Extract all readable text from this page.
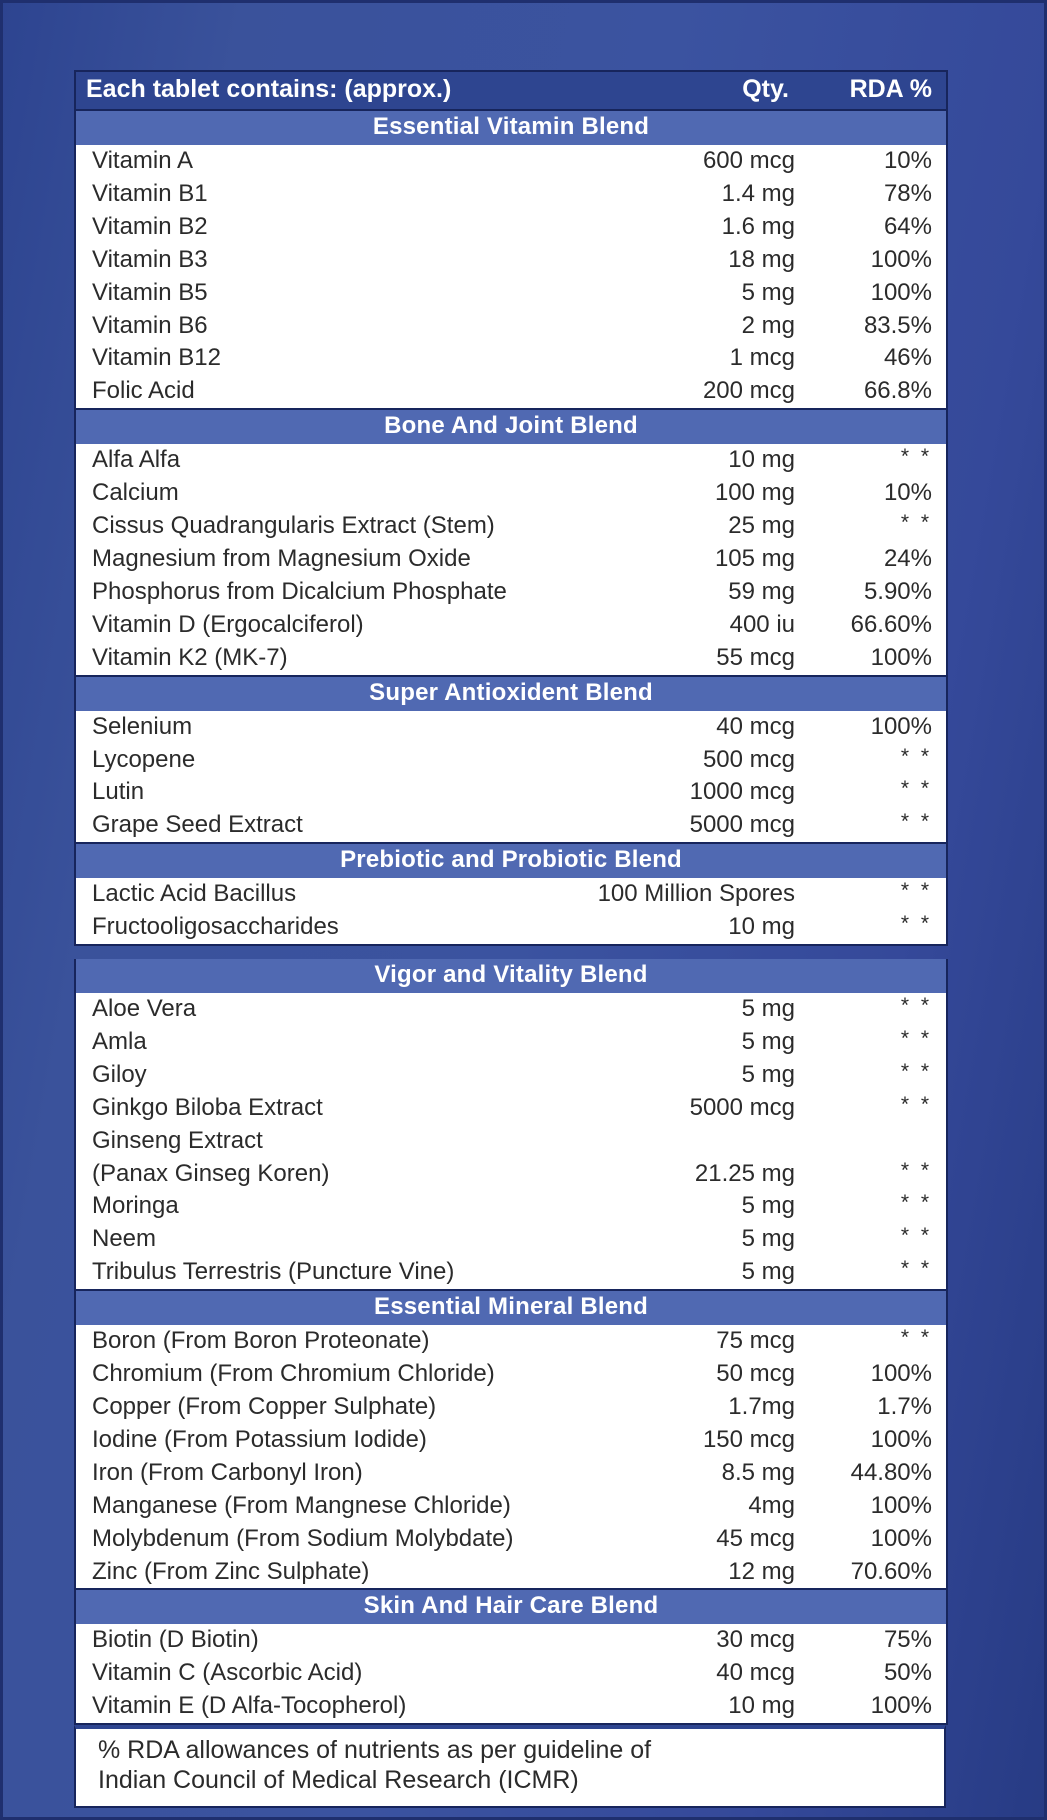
Each tablet contains: (approx.)	Qty.	RDA %
Essential Vitamin Blend		
Vitamin A	600 mcg	10%
Vitamin B1	1.4 mg	78%
Vitamin B2	1.6 mg	64%
Vitamin B3	18 mg	100%
Vitamin B5	5 mg	100%
Vitamin B6	2 mg	83.5%
Vitamin B12	1 mcg	46%
Folic Acid	200 mcg	66.8%
Bone And Joint Blend		
Alfa Alfa	10 mg	* *
Calcium	100 mg	10%
Cissus Quadrangularis Extract (Stem)	25 mg	* *
Magnesium from Magnesium Oxide	105 mg	24%
Phosphorus from Dicalcium Phosphate	59 mg	5.90%
Vitamin D (Ergocalciferol)	400 iu	66.60%
Vitamin K2 (MK-7)	55 mcg	100%
Super Antioxident Blend		
Selenium	40 mcg	100%
Lycopene	500 mcg	* *
Lutin	1000 mcg	* *
Grape Seed Extract	5000 mcg	* *
Prebiotic and Probiotic Blend		
Lactic Acid Bacillus	100 Million Spores	* *
Fructooligosaccharides	10 mg	* *

Vigor and Vitality Blend		
Aloe Vera	5 mg	* *
Amla	5 mg	* *
Giloy	5 mg	* *
Ginkgo Biloba Extract	5000 mcg	* *
Ginseng Extract		
(Panax Ginseg Koren)	21.25 mg	* *
Moringa	5 mg	* *
Neem	5 mg	* *
Tribulus Terrestris (Puncture Vine)	5 mg	* *
Essential Mineral Blend		
Boron (From Boron Proteonate)	75 mcg	* *
Chromium (From Chromium Chloride)	50 mcg	100%
Copper (From Copper Sulphate)	1.7mg	1.7%
Iodine (From Potassium Iodide)	150 mcg	100%
Iron (From Carbonyl Iron)	8.5 mg	44.80%
Manganese (From Mangnese Chloride)	4mg	100%
Molybdenum (From Sodium Molybdate)	45 mcg	100%
Zinc (From Zinc Sulphate)	12 mg	70.60%
Skin And Hair Care Blend		
Biotin (D Biotin)	30 mcg	75%
Vitamin C (Ascorbic Acid)	40 mcg	50%
Vitamin E (D Alfa-Tocopherol)	10 mg	100%

% RDA allowances of nutrients as per guideline of

Indian Council of Medical Research (ICMR)
